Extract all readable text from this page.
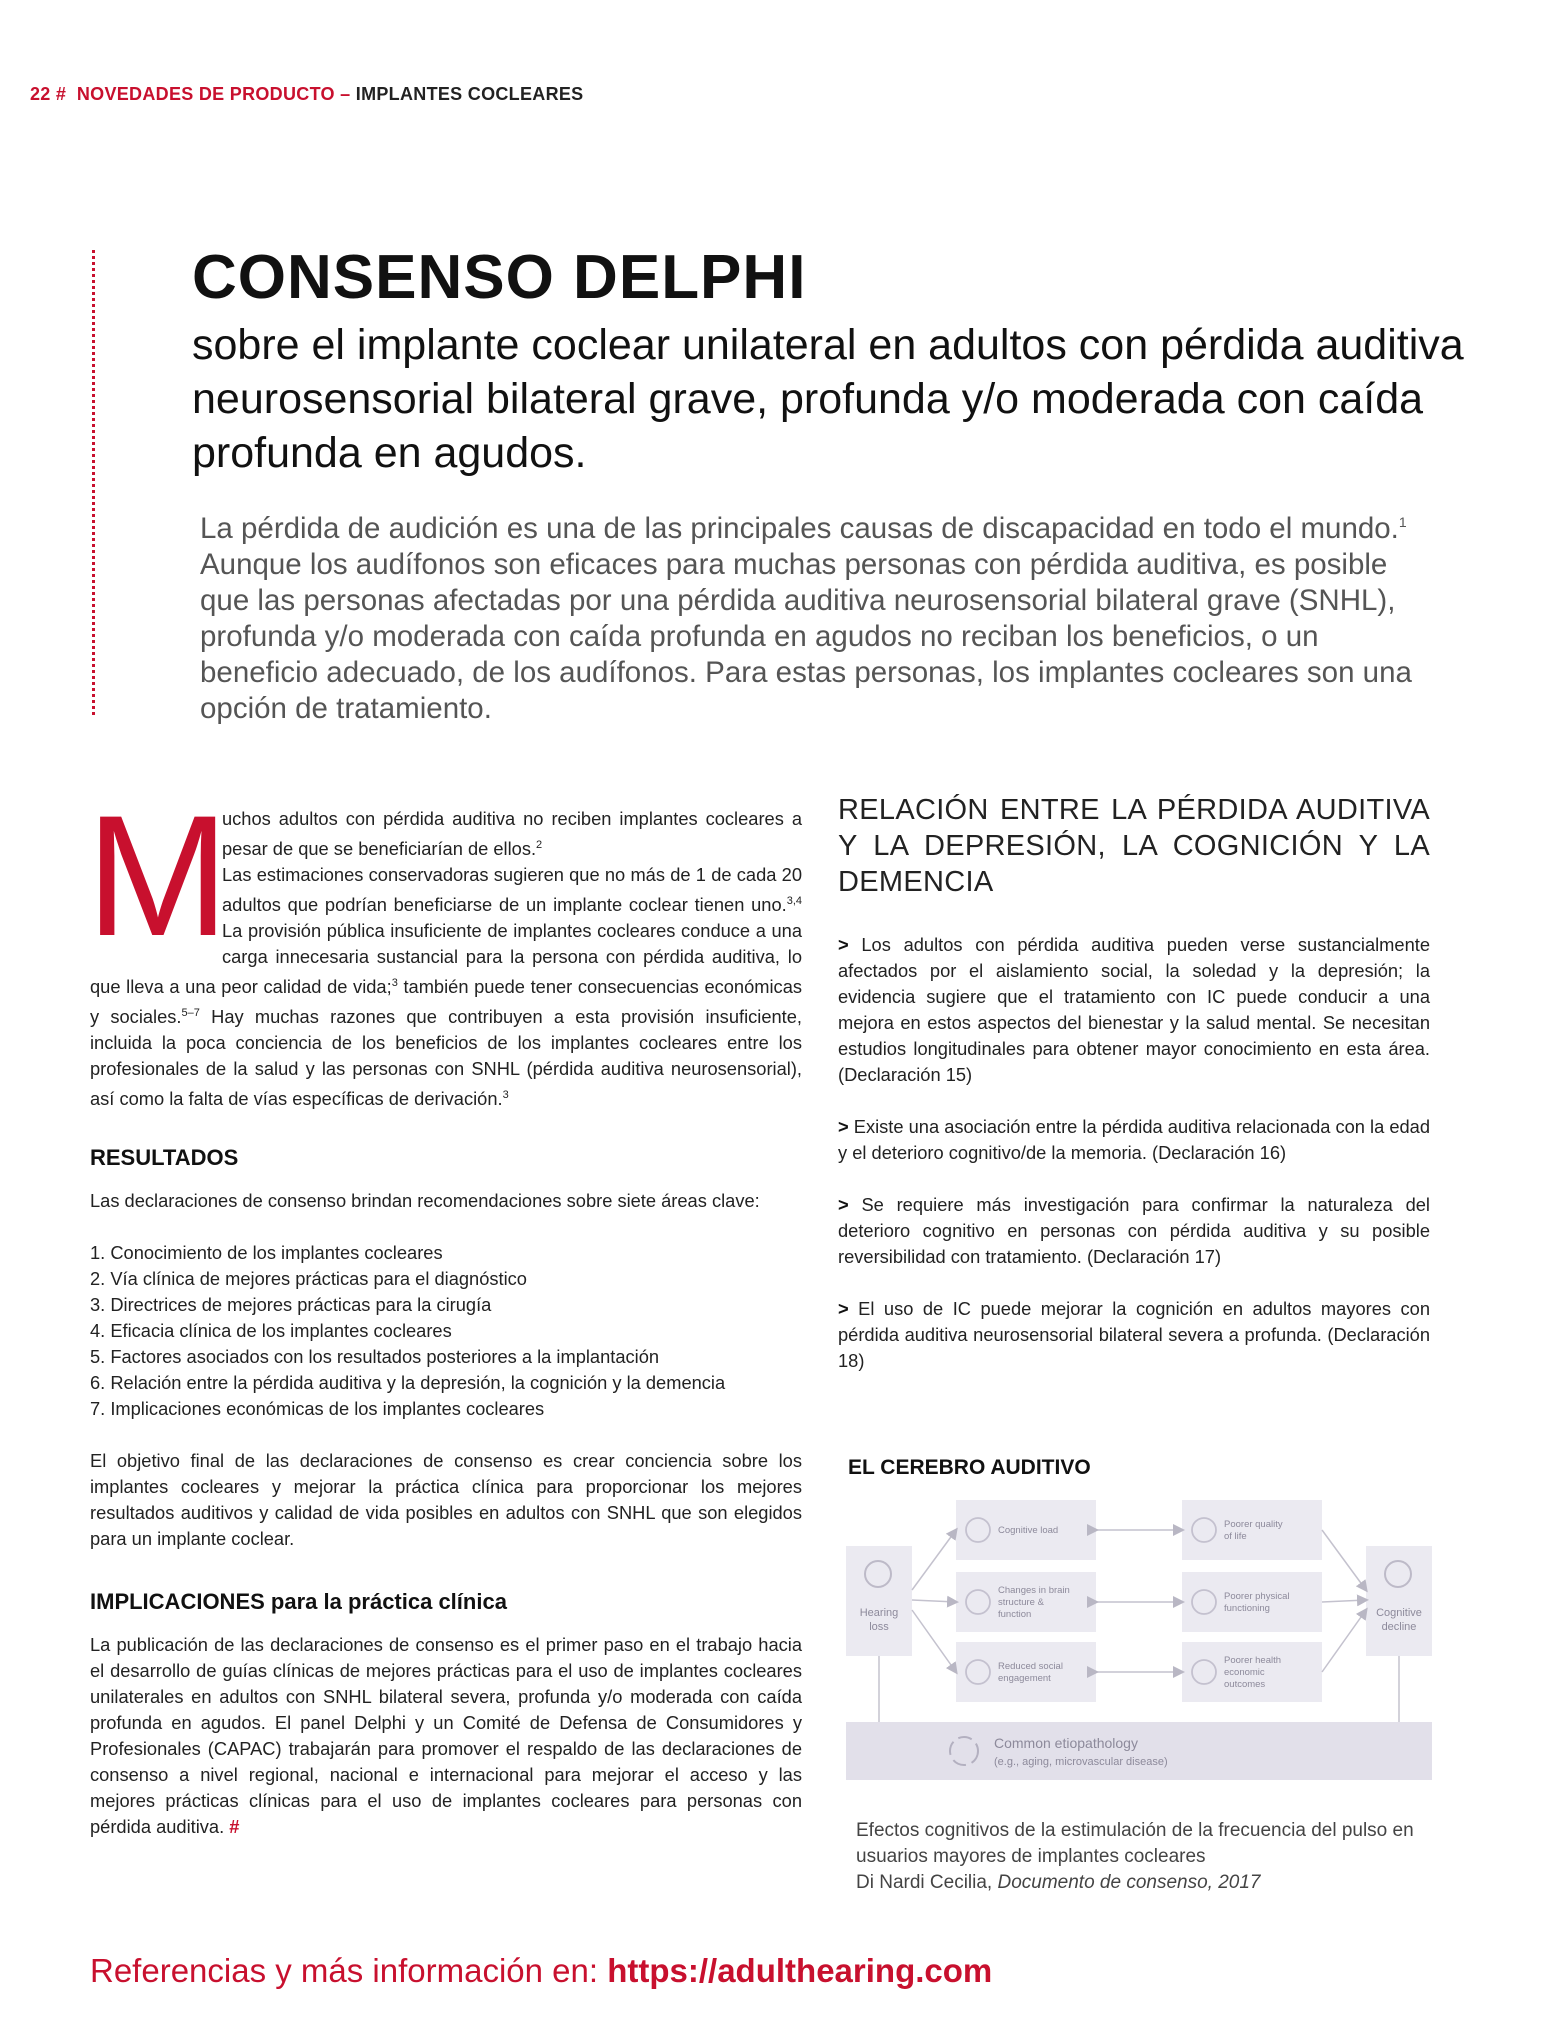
22 # NOVEDADES DE PRODUCTO – IMPLANTES COCLEARES
CONSENSO DELPHI
sobre el implante coclear unilateral en adultos con pérdida auditiva neurosensorial bilateral grave, profunda y/o moderada con caída profunda en agudos.

La pérdida de audición es una de las principales causas de discapacidad en todo el mundo.$^1$ Aunque los audífonos son eficaces para muchas personas con pérdida auditiva, es posible que las personas afectadas por una pérdida auditiva neurosensorial bilateral grave (SNHL), profunda y/o moderada con caída profunda en agudos no reciban los beneficios, o un beneficio adecuado, de los audífonos. Para estas personas, los implantes cocleares son una opción de tratamiento.

M

uchos adultos con pérdida auditiva no reciben implantes cocleares a pesar de que se beneficiarían de ellos.$^2$

Las estimaciones conservadoras sugieren que no más de 1 de cada 20 adultos que podrían beneficiarse de un implante coclear tienen uno.$^{3,4}$ La provisión pública insuficiente de implantes cocleares conduce a una carga innecesaria sustancial para la persona con pérdida auditiva, lo que lleva a una peor calidad de vida;$^3$ también puede tener consecuencias económicas y sociales.$^{5-7}$ Hay muchas razones que contribuyen a esta provisión insuficiente, incluida la poca conciencia de los beneficios de los implantes cocleares entre los profesionales de la salud y las personas con SNHL (pérdida auditiva neurosensorial), así como la falta de vías específicas de derivación.$^3$

RESULTADOS

Las declaraciones de consenso brindan recomendaciones sobre siete áreas clave:

1. Conocimiento de los implantes cocleares
2. Vía clínica de mejores prácticas para el diagnóstico
3. Directrices de mejores prácticas para la cirugía
4. Eficacia clínica de los implantes cocleares
5. Factores asociados con los resultados posteriores a la implantación
6. Relación entre la pérdida auditiva y la depresión, la cognición y la demencia
7. Implicaciones económicas de los implantes cocleares

El objetivo final de las declaraciones de consenso es crear conciencia sobre los implantes cocleares y mejorar la práctica clínica para proporcionar los mejores resultados auditivos y calidad de vida posibles en adultos con SNHL que son elegidos para un implante coclear.

IMPLICACIONES para la práctica clínica

La publicación de las declaraciones de consenso es el primer paso en el trabajo hacia el desarrollo de guías clínicas de mejores prácticas para el uso de implantes cocleares unilaterales en adultos con SNHL bilateral severa, profunda y/o moderada con caída profunda en agudos. El panel Delphi y un Comité de Defensa de Consumidores y Profesionales (CAPAC) trabajarán para promover el respaldo de las declaraciones de consenso a nivel regional, nacional e internacional para mejorar el acceso y las mejores prácticas clínicas para el uso de implantes cocleares para personas con pérdida auditiva. #

RELACIÓN ENTRE LA PÉRDIDA AUDITIVA Y LA DEPRESIÓN, LA COGNICIÓN Y LA DEMENCIA

> Los adultos con pérdida auditiva pueden verse sustancialmente afectados por el aislamiento social, la soledad y la depresión; la evidencia sugiere que el tratamiento con IC puede conducir a una mejora en estos aspectos del bienestar y la salud mental. Se necesitan estudios longitudinales para obtener mayor conocimiento en esta área. (Declaración 15)

> Existe una asociación entre la pérdida auditiva relacionada con la edad y el deterioro cognitivo/de la memoria. (Declaración 16)

> Se requiere más investigación para confirmar la naturaleza del deterioro cognitivo en personas con pérdida auditiva y su posible reversibilidad con tratamiento. (Declaración 17)

> El uso de IC puede mejorar la cognición en adultos mayores con pérdida auditiva neurosensorial bilateral severa a profunda. (Declaración 18)

EL CEREBRO AUDITIVO
Hearing loss
Cognitive decline
Cognitive load
Changes in brain structure & function
Reduced social engagement
Poorer quality of life
Poorer physical functioning
Poorer health economic outcomes
Common etiopathology
(e.g., aging, microvascular disease)
Efectos cognitivos de la estimulación de la frecuencia del pulso en usuarios mayores de implantes cocleares
Di Nardi Cecilia, Documento de consenso, 2017
Referencias y más información en: https://adulthearing.com
